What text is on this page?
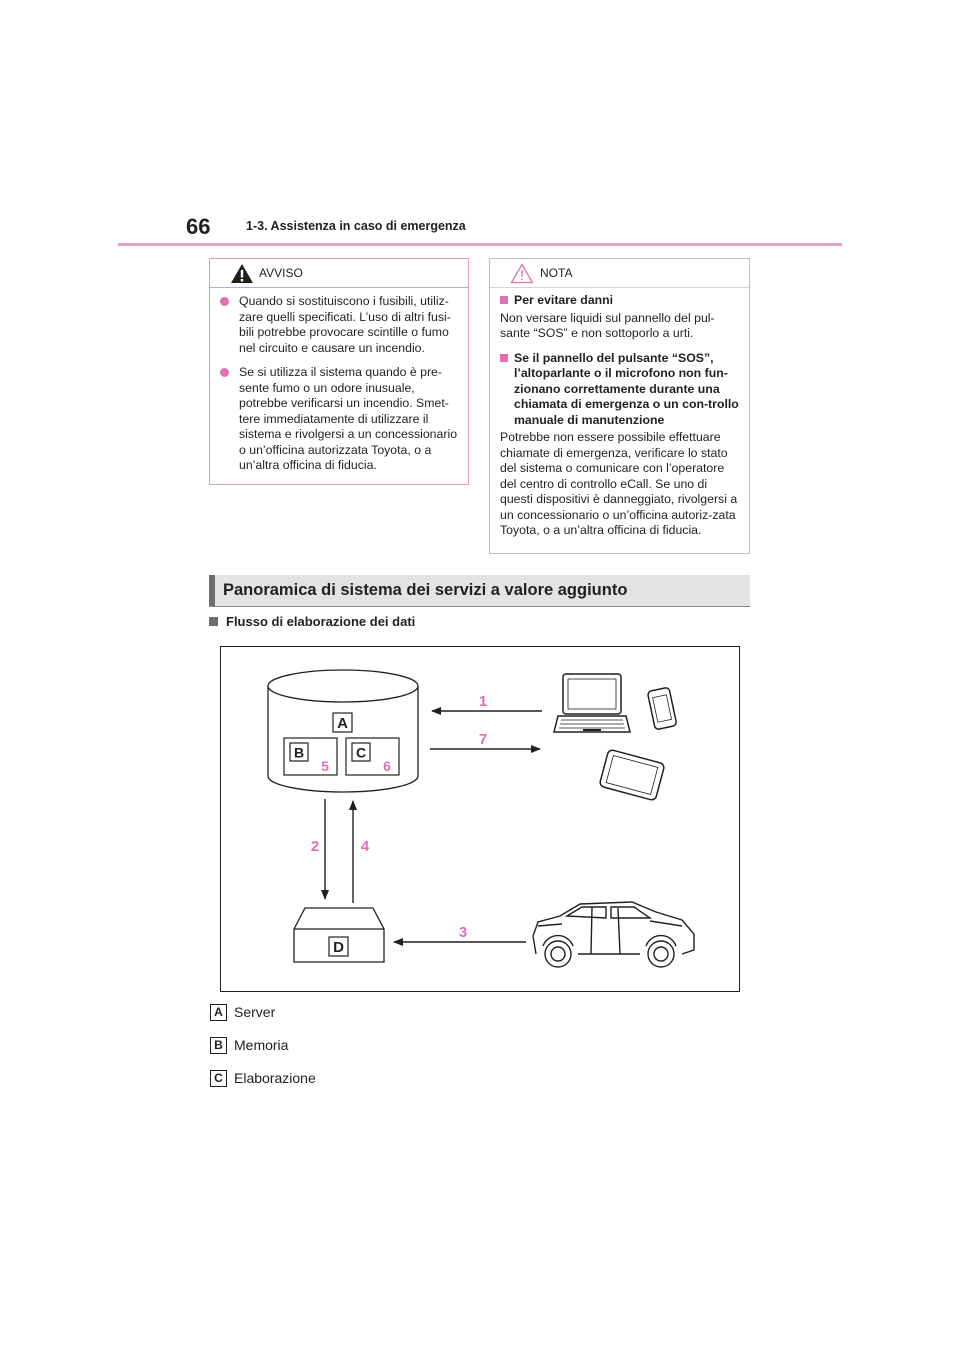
66	1-3. Assistenza in caso di emergenza
AVVISO
Quando si sostituiscono i fusibili, utiliz-zare quelli specificati. L’uso di altri fusi-bili potrebbe provocare scintille o fumo nel circuito e causare un incendio.
Se si utilizza il sistema quando è pre-sente fumo o un odore inusuale, potrebbe verificarsi un incendio. Smet-tere immediatamente di utilizzare il sistema e rivolgersi a un concessionario o un’officina autorizzata Toyota, o a un’altra officina di fiducia.
NOTA
Per evitare danni
Non versare liquidi sul pannello del pul-sante “SOS” e non sottoporlo a urti.
Se il pannello del pulsante “SOS”, l’altoparlante o il microfono non fun-zionano correttamente durante una chiamata di emergenza o un con-trollo manuale di manutenzione
Potrebbe non essere possibile effettuare chiamate di emergenza, verificare lo stato del sistema o comunicare con l’operatore del centro di controllo eCall. Se uno di questi dispositivi è danneggiato, rivolgersi a un concessionario o un’officina autoriz-zata Toyota, o a un’altra officina di fiducia.
Panoramica di sistema dei servizi a valore aggiunto
Flusso di elaborazione dei dati
A
B
5
C
6
1
7
2	4
D
3
A Server
B Memoria
C Elaborazione
